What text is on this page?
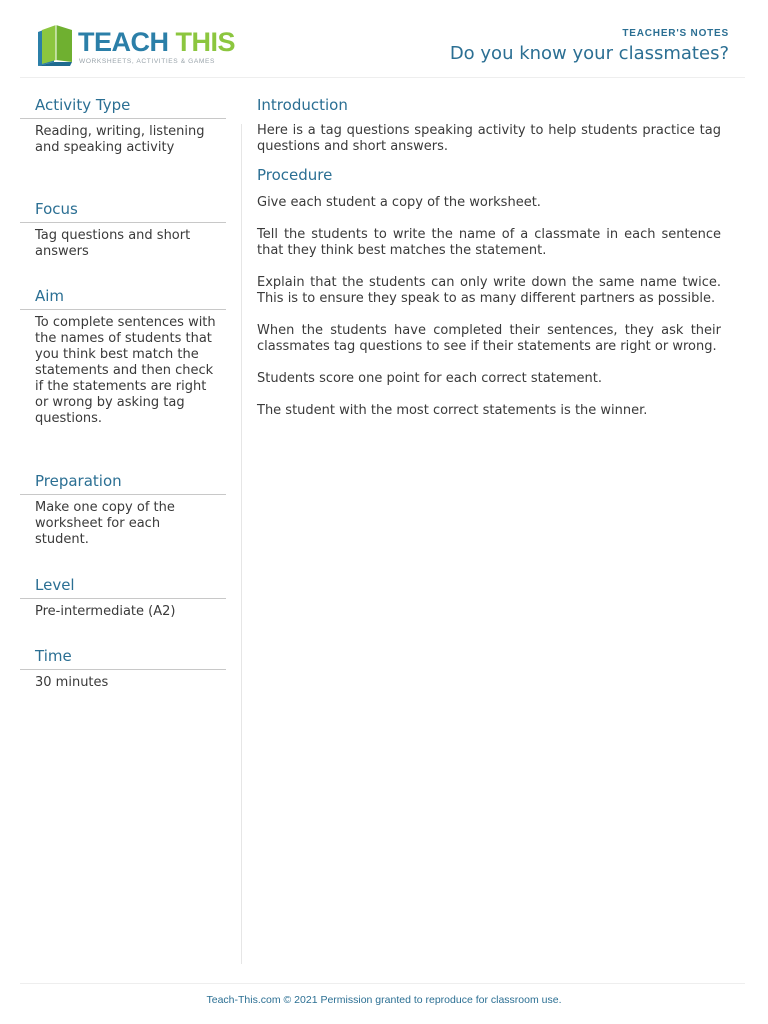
TEACH THIS
WORKSHEETS, ACTIVITIES & GAMES
TEACHER'S NOTES
Do you know your classmates?
Activity Type
Reading, writing, listening and speaking activity
Focus
Tag questions and short answers
Aim
To complete sentences with the names of students that you think best match the statements and then check if the statements are right or wrong by asking tag questions.
Preparation
Make one copy of the worksheet for each student.
Level
Pre-intermediate (A2)
Time
30 minutes
Introduction

Here is a tag questions speaking activity to help students practice tag questions and short answers.

Procedure

Give each student a copy of the worksheet.

Tell the students to write the name of a classmate in each sentence that they think best matches the statement.

Explain that the students can only write down the same name twice. This is to ensure they speak to as many different partners as possible.

When the students have completed their sentences, they ask their classmates tag questions to see if their statements are right or wrong.

Students score one point for each correct statement.

The student with the most correct statements is the winner.

Teach-This.com © 2021 Permission granted to reproduce for classroom use.
